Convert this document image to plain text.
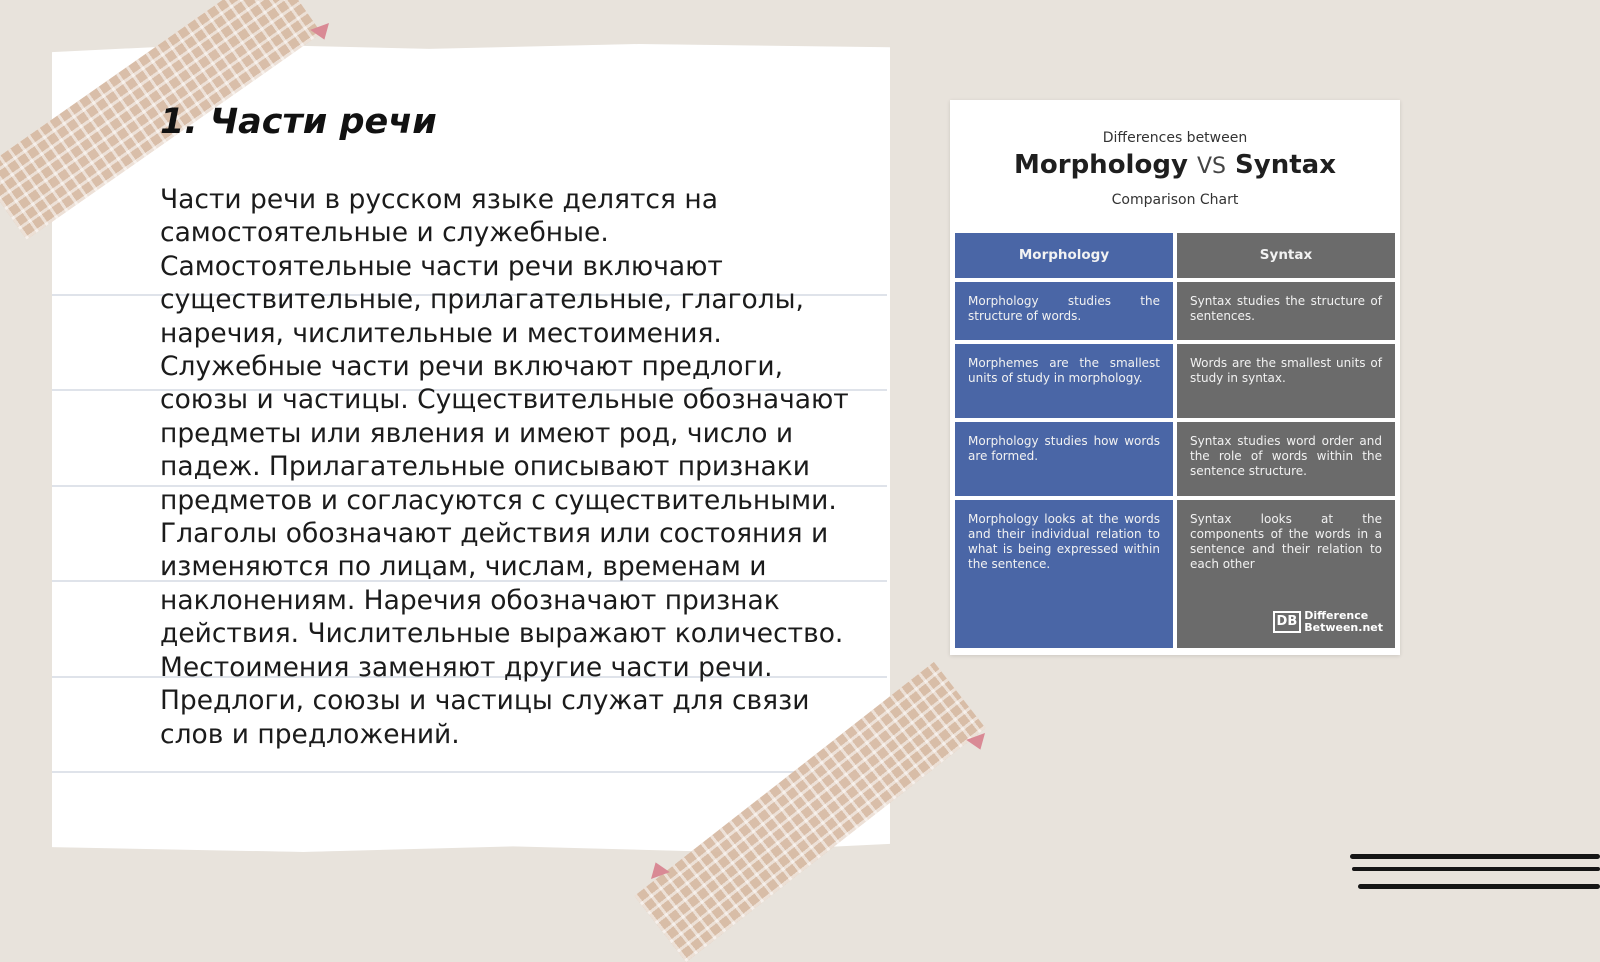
1. Части речи

Части речи в русском языке делятся на самостоятельные и служебные. Самостоятельные части речи включают существительные, прилагательные, глаголы, наречия, числительные и местоимения. Служебные части речи включают предлоги, союзы и частицы. Существительные обозначают предметы или явления и имеют род, число и падеж. Прилагательные описывают признаки предметов и согласуются с существительными. Глаголы обозначают действия или состояния и изменяются по лицам, числам, временам и наклонениям. Наречия обозначают признак действия. Числительные выражают количество. Местоимения заменяют другие части речи. Предлоги, союзы и частицы служат для связи слов и предложений.

Differences between
Morphology VS Syntax
Comparison Chart
Morphology	Syntax
Morphology studies the structure of words.
Syntax studies the structure of sentences.
Morphemes are the smallest units of study in morphology.
Words are the smallest units of study in syntax.
Morphology studies how words are formed.
Syntax studies word order and the role of words within the sentence structure.
Morphology looks at the words and their individual relation to what is being expressed within the sentence.
Syntax looks at the components of the words in a sentence and their relation to each other
DB Difference
Between.net
